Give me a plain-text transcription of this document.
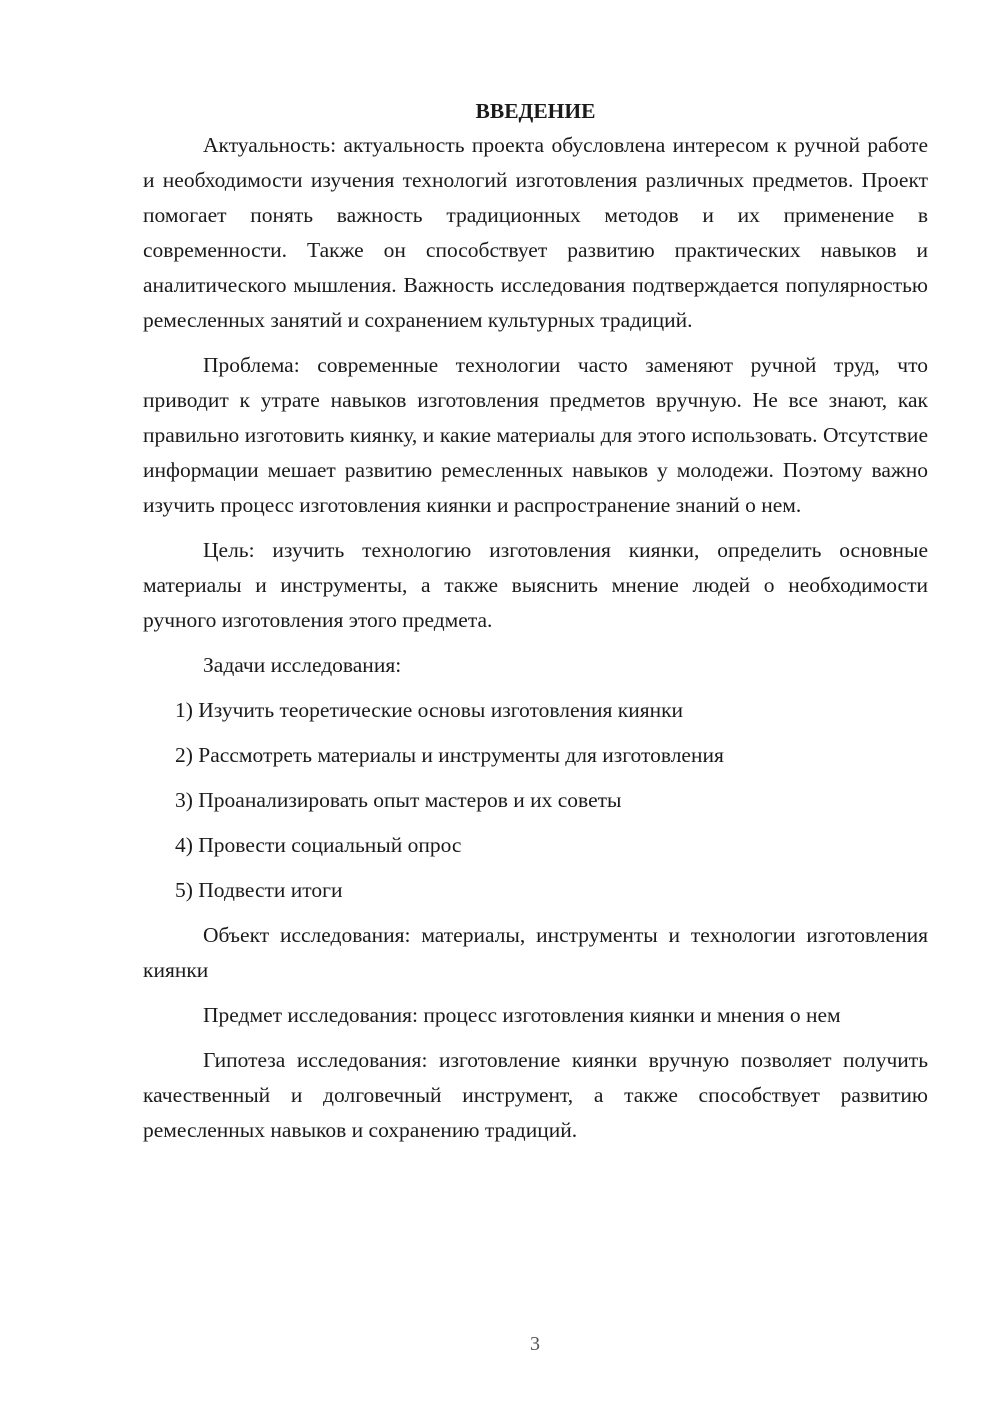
ВВЕДЕНИЕ

Актуальность: актуальность проекта обусловлена интересом к ручной работе и необходимости изучения технологий изготовления различных предметов. Проект помогает понять важность традиционных методов и их применение в современности. Также он способствует развитию практических навыков и аналитического мышления. Важность исследования подтверждается популярностью ремесленных занятий и сохранением культурных традиций.

Проблема: современные технологии часто заменяют ручной труд, что приводит к утрате навыков изготовления предметов вручную. Не все знают, как правильно изготовить киянку, и какие материалы для этого использовать. Отсутствие информации мешает развитию ремесленных навыков у молодежи. Поэтому важно изучить процесс изготовления киянки и распространение знаний о нем.

Цель: изучить технологию изготовления киянки, определить основные материалы и инструменты, а также выяснить мнение людей о необходимости ручного изготовления этого предмета.

Задачи исследования:

1) Изучить теоретические основы изготовления киянки
2) Рассмотреть материалы и инструменты для изготовления
3) Проанализировать опыт мастеров и их советы
4) Провести социальный опрос
5) Подвести итоги

Объект исследования: материалы, инструменты и технологии изготовления киянки

Предмет исследования: процесс изготовления киянки и мнения о нем

Гипотеза исследования: изготовление киянки вручную позволяет получить качественный и долговечный инструмент, а также способствует развитию ремесленных навыков и сохранению традиций.

3
